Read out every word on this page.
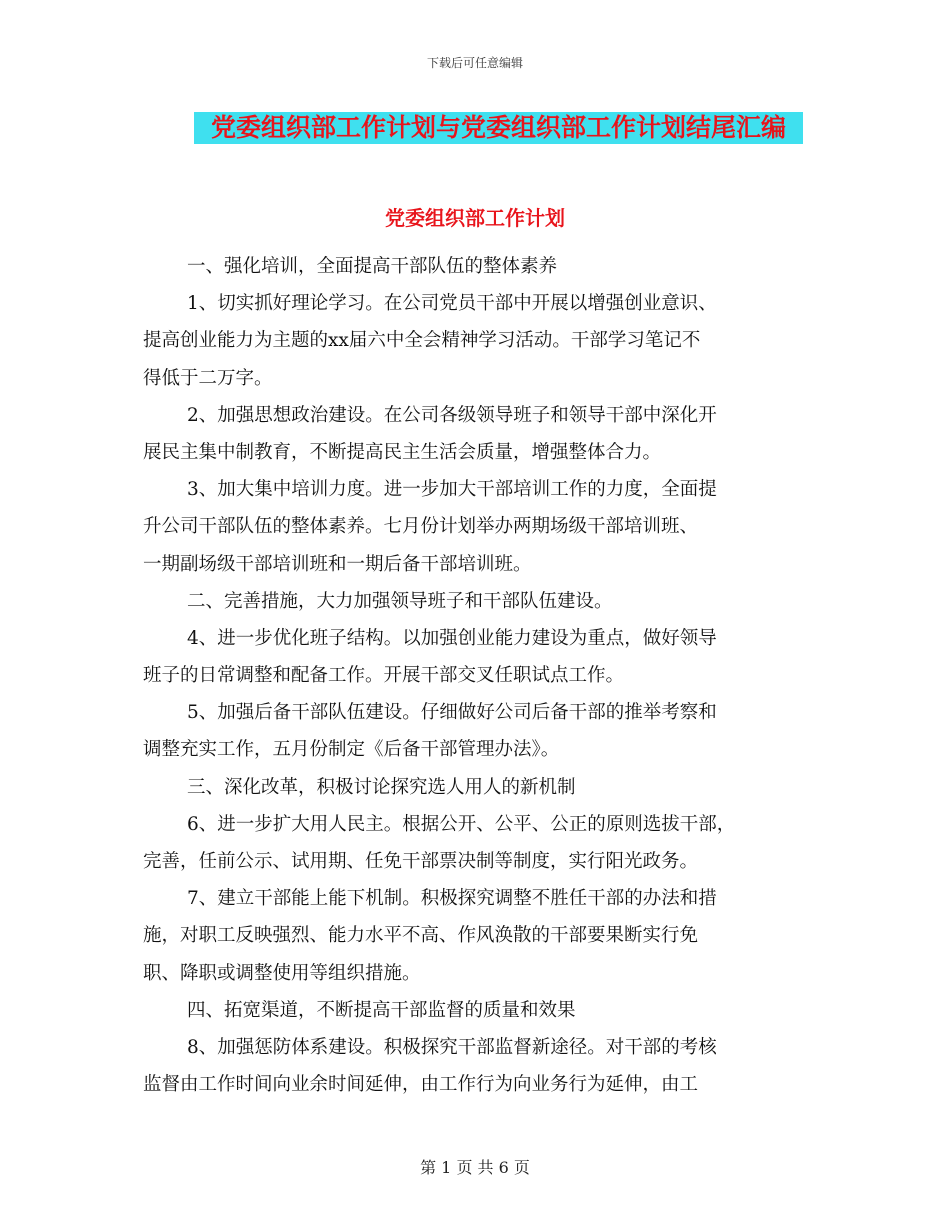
下载后可任意编辑
党委组织部工作计划与党委组织部工作计划结尾汇编
党委组织部工作计划
一、强化培训，全面提高干部队伍的整体素养
1、切实抓好理论学习。在公司党员干部中开展以增强创业意识、
提高创业能力为主题的xx届六中全会精神学习活动。干部学习笔记不
得低于二万字。
2、加强思想政治建设。在公司各级领导班子和领导干部中深化开
展民主集中制教育，不断提高民主生活会质量，增强整体合力。
3、加大集中培训力度。进一步加大干部培训工作的力度，全面提
升公司干部队伍的整体素养。七月份计划举办两期场级干部培训班、
一期副场级干部培训班和一期后备干部培训班。
二、完善措施，大力加强领导班子和干部队伍建设。
4、进一步优化班子结构。以加强创业能力建设为重点，做好领导
班子的日常调整和配备工作。开展干部交叉任职试点工作。
5、加强后备干部队伍建设。仔细做好公司后备干部的推举考察和
调整充实工作，五月份制定《后备干部管理办法》。
三、深化改革，积极讨论探究选人用人的新机制
6、进一步扩大用人民主。根据公开、公平、公正的原则选拔干部，
完善，任前公示、试用期、任免干部票决制等制度，实行阳光政务。
7、建立干部能上能下机制。积极探究调整不胜任干部的办法和措
施，对职工反映强烈、能力水平不高、作风涣散的干部要果断实行免
职、降职或调整使用等组织措施。
四、拓宽渠道，不断提高干部监督的质量和效果
8、加强惩防体系建设。积极探究干部监督新途径。对干部的考核
监督由工作时间向业余时间延伸，由工作行为向业务行为延伸，由工
第 1 页 共 6 页
